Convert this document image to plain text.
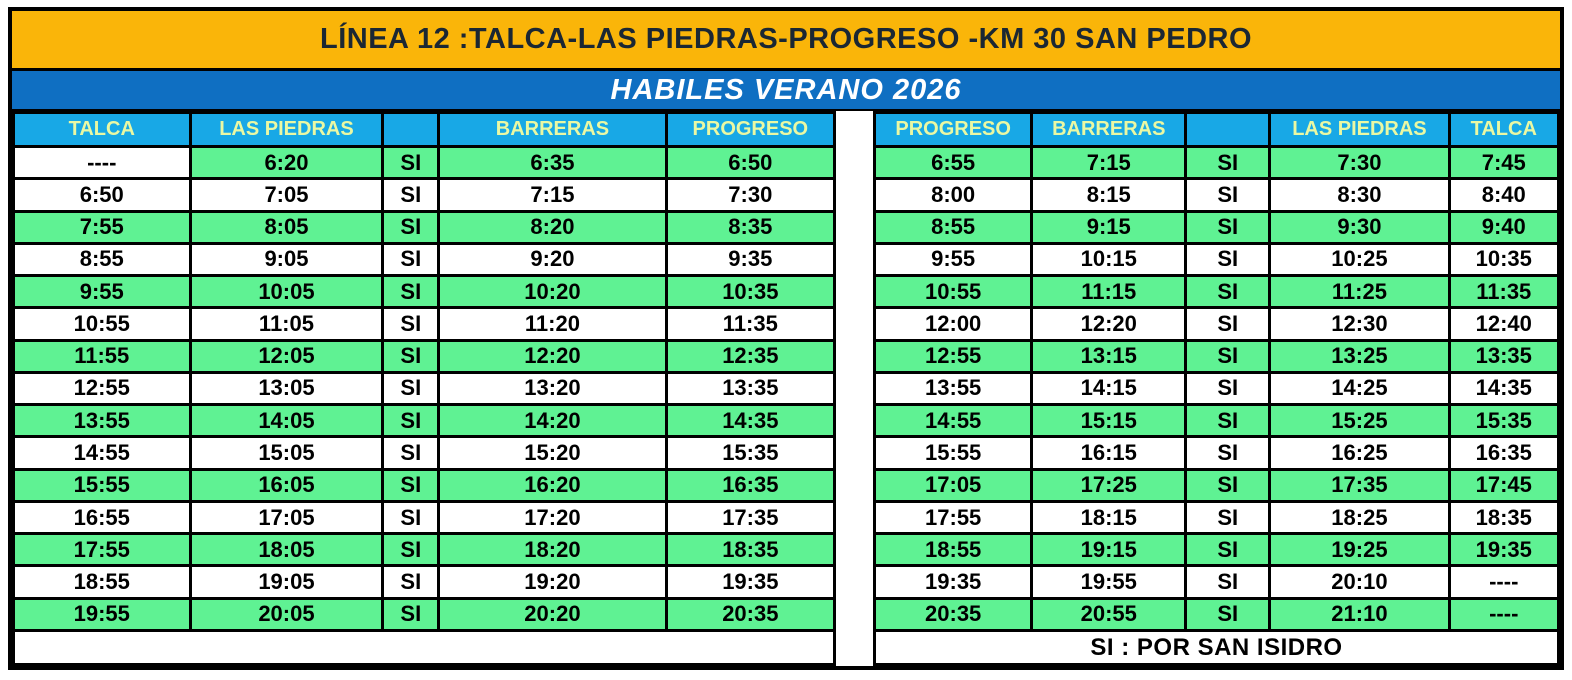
LÍNEA 12 :TALCA-LAS PIEDRAS-PROGRESO -KM 30 SAN PEDRO
HABILES VERANO 2026
TALCA	LAS PIEDRAS		BARRERAS	PROGRESO
----	6:20	SI	6:35	6:50
6:50	7:05	SI	7:15	7:30
7:55	8:05	SI	8:20	8:35
8:55	9:05	SI	9:20	9:35
9:55	10:05	SI	10:20	10:35
10:55	11:05	SI	11:20	11:35
11:55	12:05	SI	12:20	12:35
12:55	13:05	SI	13:20	13:35
13:55	14:05	SI	14:20	14:35
14:55	15:05	SI	15:20	15:35
15:55	16:05	SI	16:20	16:35
16:55	17:05	SI	17:20	17:35
17:55	18:05	SI	18:20	18:35
18:55	19:05	SI	19:20	19:35
19:55	20:05	SI	20:20	20:35

PROGRESO	BARRERAS		LAS PIEDRAS	TALCA
6:55	7:15	SI	7:30	7:45
8:00	8:15	SI	8:30	8:40
8:55	9:15	SI	9:30	9:40
9:55	10:15	SI	10:25	10:35
10:55	11:15	SI	11:25	11:35
12:00	12:20	SI	12:30	12:40
12:55	13:15	SI	13:25	13:35
13:55	14:15	SI	14:25	14:35
14:55	15:15	SI	15:25	15:35
15:55	16:15	SI	16:25	16:35
17:05	17:25	SI	17:35	17:45
17:55	18:15	SI	18:25	18:35
18:55	19:15	SI	19:25	19:35
19:35	19:55	SI	20:10	----
20:35	20:55	SI	21:10	----
SI : POR SAN ISIDRO				
